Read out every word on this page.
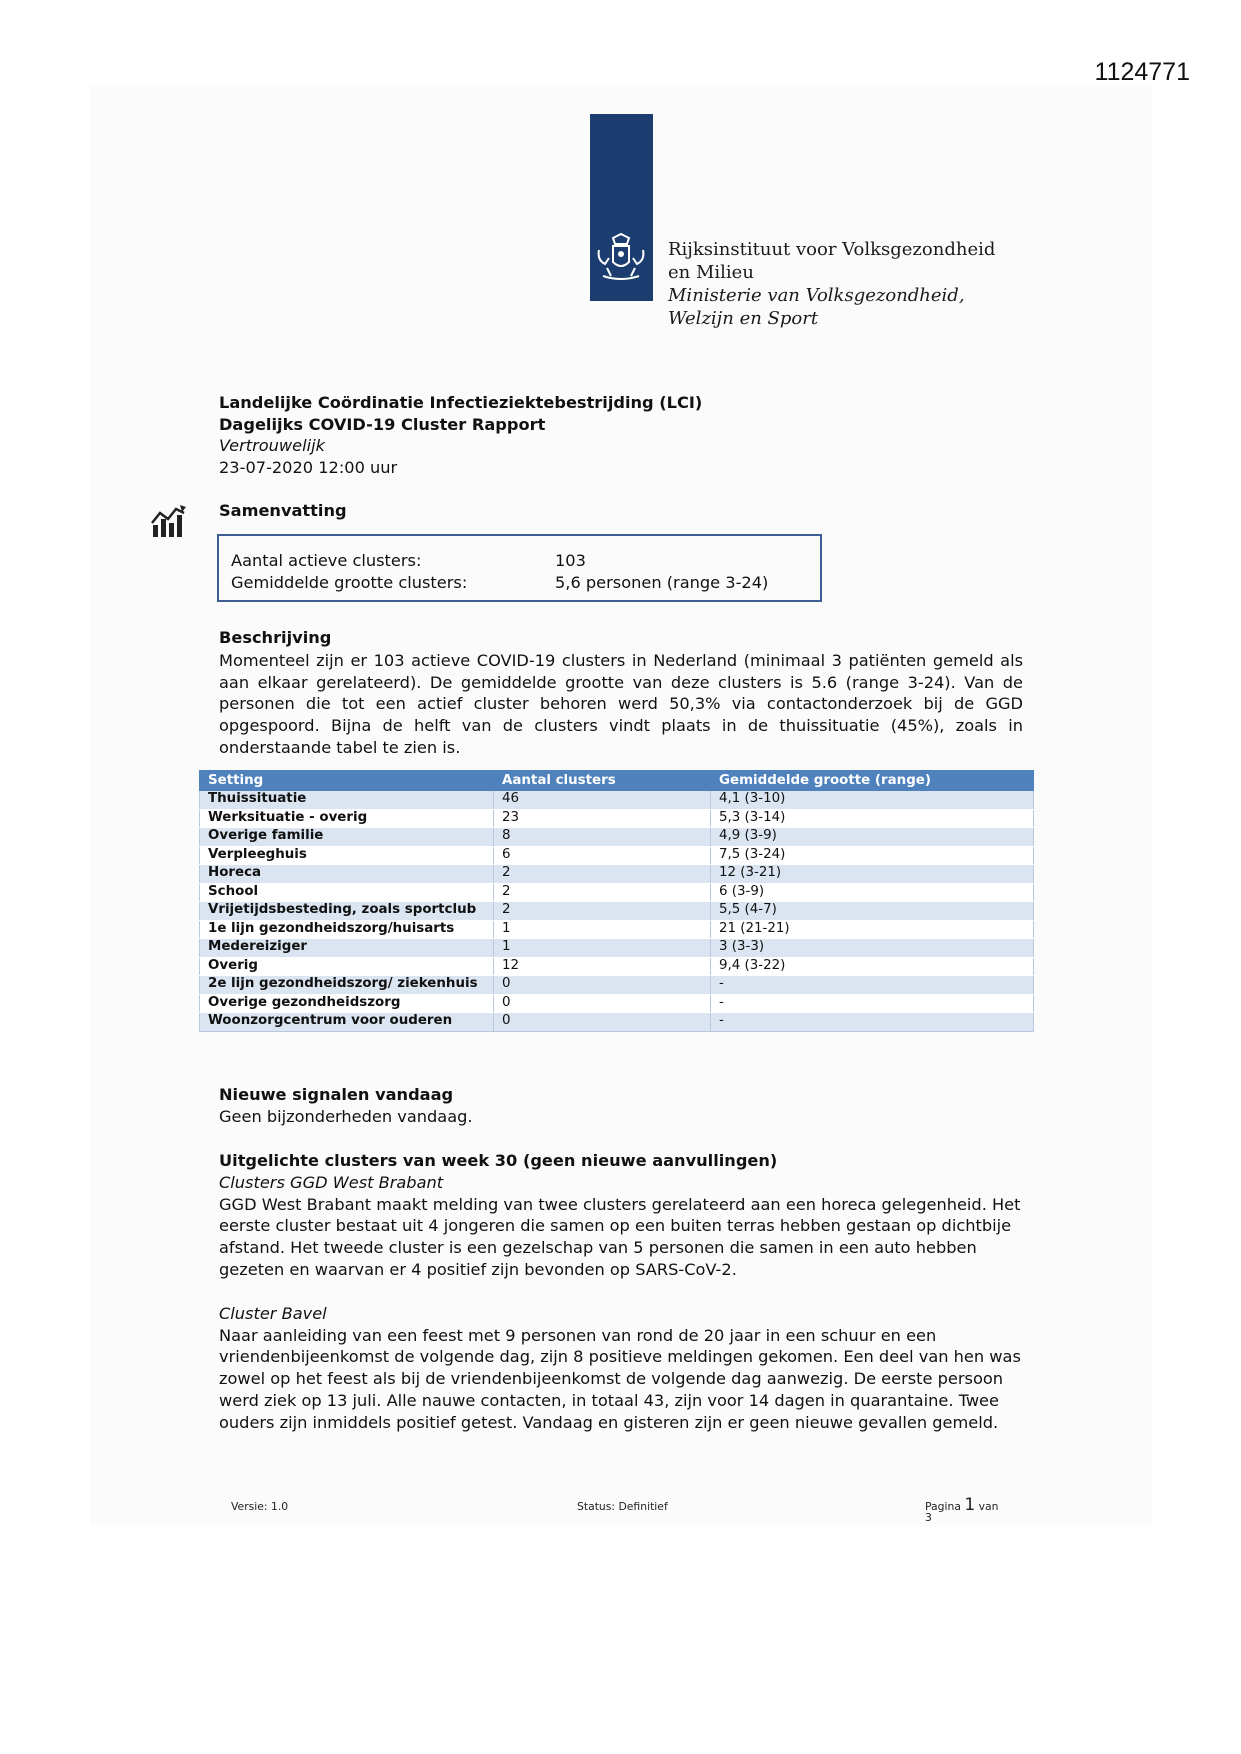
1124771
Rijksinstituut voor Volksgezondheid
en Milieu
Ministerie van Volksgezondheid,
Welzijn en Sport
Landelijke Coördinatie Infectieziektebestrijding (LCI)
Dagelijks COVID-19 Cluster Rapport
Vertrouwelijk
23-07-2020 12:00 uur
Samenvatting
Aantal actieve clusters:	103
Gemiddelde grootte clusters:	5,6 personen (range 3-24)
Beschrijving
Momenteel zijn er 103 actieve COVID-19 clusters in Nederland (minimaal 3 patiënten gemeld als aan elkaar gerelateerd). De gemiddelde grootte van deze clusters is 5.6 (range 3-24). Van de personen die tot een actief cluster behoren werd 50,3% via contactonderzoek bij de GGD opgespoord. Bijna de helft van de clusters vindt plaats in de thuissituatie (45%), zoals in onderstaande tabel te zien is.
Setting	Aantal clusters	Gemiddelde grootte (range)
Thuissituatie	46	4,1 (3-10)
Werksituatie - overig	23	5,3 (3-14)
Overige familie	8	4,9 (3-9)
Verpleeghuis	6	7,5 (3-24)
Horeca	2	12 (3-21)
School	2	6 (3-9)
Vrijetijdsbesteding, zoals sportclub	2	5,5 (4-7)
1e lijn gezondheidszorg/huisarts	1	21 (21-21)
Medereiziger	1	3 (3-3)
Overig	12	9,4 (3-22)
2e lijn gezondheidszorg/ ziekenhuis	0	-
Overige gezondheidszorg	0	-
Woonzorgcentrum voor ouderen	0	-
Nieuwe signalen vandaag
Geen bijzonderheden vandaag.
Uitgelichte clusters van week 30 (geen nieuwe aanvullingen)
Clusters GGD West Brabant

GGD West Brabant maakt melding van twee clusters gerelateerd aan een horeca gelegenheid. Het eerste cluster bestaat uit 4 jongeren die samen op een buiten terras hebben gestaan op dichtbije afstand. Het tweede cluster is een gezelschap van 5 personen die samen in een auto hebben gezeten en waarvan er 4 positief zijn bevonden op SARS-CoV-2.

Cluster Bavel

Naar aanleiding van een feest met 9 personen van rond de 20 jaar in een schuur en een vriendenbijeenkomst de volgende dag, zijn 8 positieve meldingen gekomen. Een deel van hen was zowel op het feest als bij de vriendenbijeenkomst de volgende dag aanwezig. De eerste persoon werd ziek op 13 juli. Alle nauwe contacten, in totaal 43, zijn voor 14 dagen in quarantaine. Twee ouders zijn inmiddels positief getest. Vandaag en gisteren zijn er geen nieuwe gevallen gemeld.

Versie: 1.0	Status: Definitief	Pagina 1 van
3
